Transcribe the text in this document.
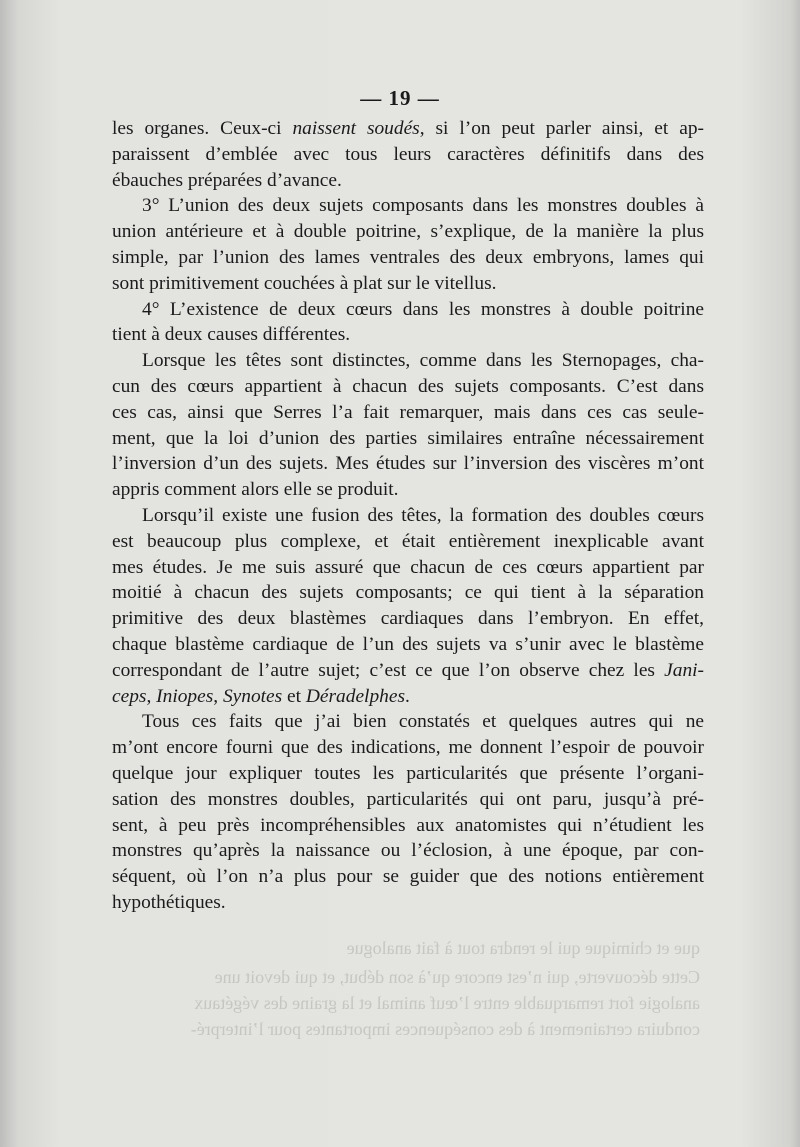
— 19 —
que et chimique qui le rendra tout à fait analogue
Cette découverte, qui n’est encore qu’à son début, et qui devoit une
analogie fort remarquable entre l’œuf animal et la graine des végétaux
conduira certainement à des conséquences importantes pour l’interpré-
les organes. Ceux-ci naissent soudés, si l’on peut parler ainsi, et ap-
paraissent d’emblée avec tous leurs caractères définitifs dans des
ébauches préparées d’avance.
3° L’union des deux sujets composants dans les monstres doubles à
union antérieure et à double poitrine, s’explique, de la manière la plus
simple, par l’union des lames ventrales des deux embryons, lames qui
sont primitivement couchées à plat sur le vitellus.
4° L’existence de deux cœurs dans les monstres à double poitrine
tient à deux causes différentes.
Lorsque les têtes sont distinctes, comme dans les Sternopages, cha-
cun des cœurs appartient à chacun des sujets composants. C’est dans
ces cas, ainsi que Serres l’a fait remarquer, mais dans ces cas seule-
ment, que la loi d’union des parties similaires entraîne nécessairement
l’inversion d’un des sujets. Mes études sur l’inversion des viscères m’ont
appris comment alors elle se produit.
Lorsqu’il existe une fusion des têtes, la formation des doubles cœurs
est beaucoup plus complexe, et était entièrement inexplicable avant
mes études. Je me suis assuré que chacun de ces cœurs appartient par
moitié à chacun des sujets composants; ce qui tient à la séparation
primitive des deux blastèmes cardiaques dans l’embryon. En effet,
chaque blastème cardiaque de l’un des sujets va s’unir avec le blastème
correspondant de l’autre sujet; c’est ce que l’on observe chez les Jani-
ceps, Iniopes, Synotes et Déradelphes.
Tous ces faits que j’ai bien constatés et quelques autres qui ne
m’ont encore fourni que des indications, me donnent l’espoir de pouvoir
quelque jour expliquer toutes les particularités que présente l’organi-
sation des monstres doubles, particularités qui ont paru, jusqu’à pré-
sent, à peu près incompréhensibles aux anatomistes qui n’étudient les
monstres qu’après la naissance ou l’éclosion, à une époque, par con-
séquent, où l’on n’a plus pour se guider que des notions entièrement
hypothétiques.
